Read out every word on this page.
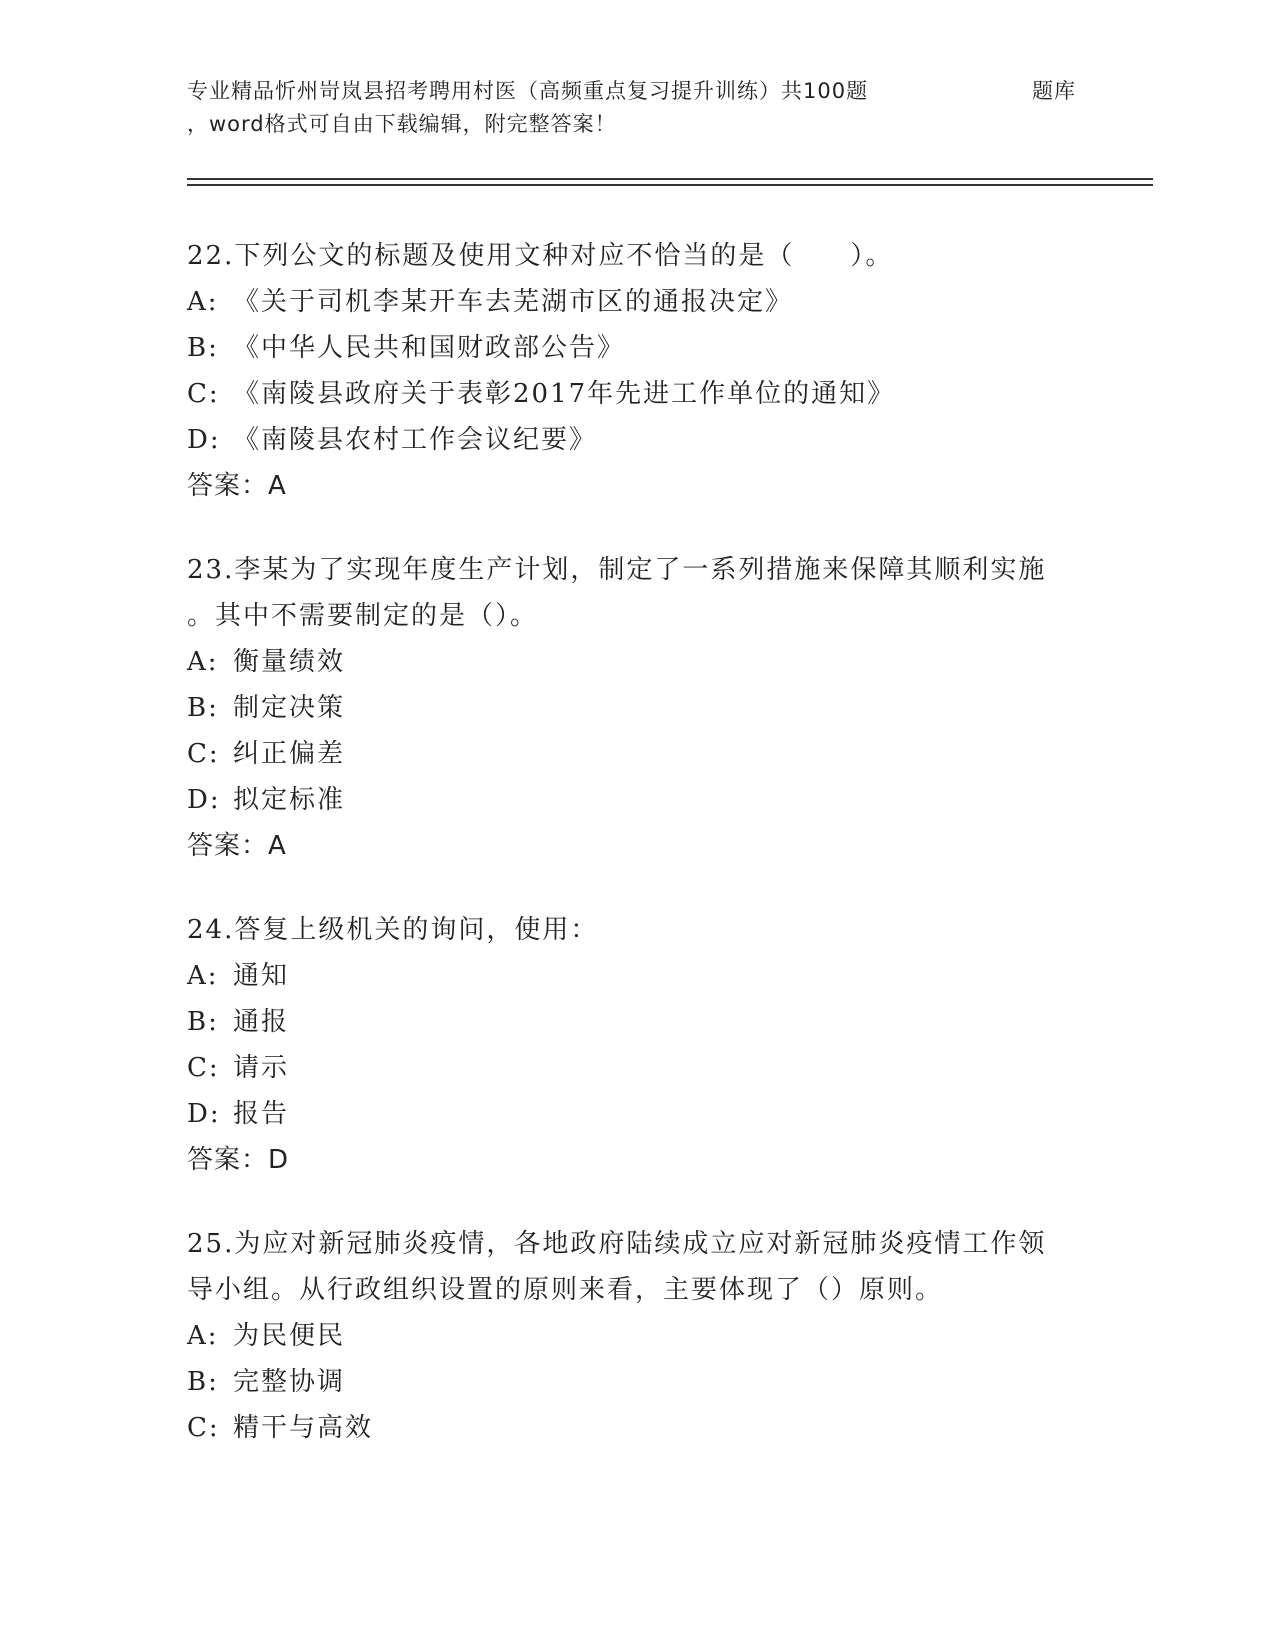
专业精品忻州岢岚县招考聘用村医（高频重点复习提升训练）共100题	题库
，word格式可自由下载编辑，附完整答案！
22.下列公文的标题及使用文种对应不恰当的是（　　）。
A: 《关于司机李某开车去芜湖市区的通报决定》
B: 《中华人民共和国财政部公告》
C: 《南陵县政府关于表彰2017年先进工作单位的通知》
D: 《南陵县农村工作会议纪要》
答案：A
23.李某为了实现年度生产计划，制定了一系列措施来保障其顺利实施
。其中不需要制定的是（）。
A: 衡量绩效
B: 制定决策
C: 纠正偏差
D: 拟定标准
答案：A
24.答复上级机关的询问，使用：
A: 通知
B: 通报
C: 请示
D: 报告
答案：D
25.为应对新冠肺炎疫情，各地政府陆续成立应对新冠肺炎疫情工作领
导小组。从行政组织设置的原则来看，主要体现了（）原则。
A: 为民便民
B: 完整协调
C: 精干与高效
